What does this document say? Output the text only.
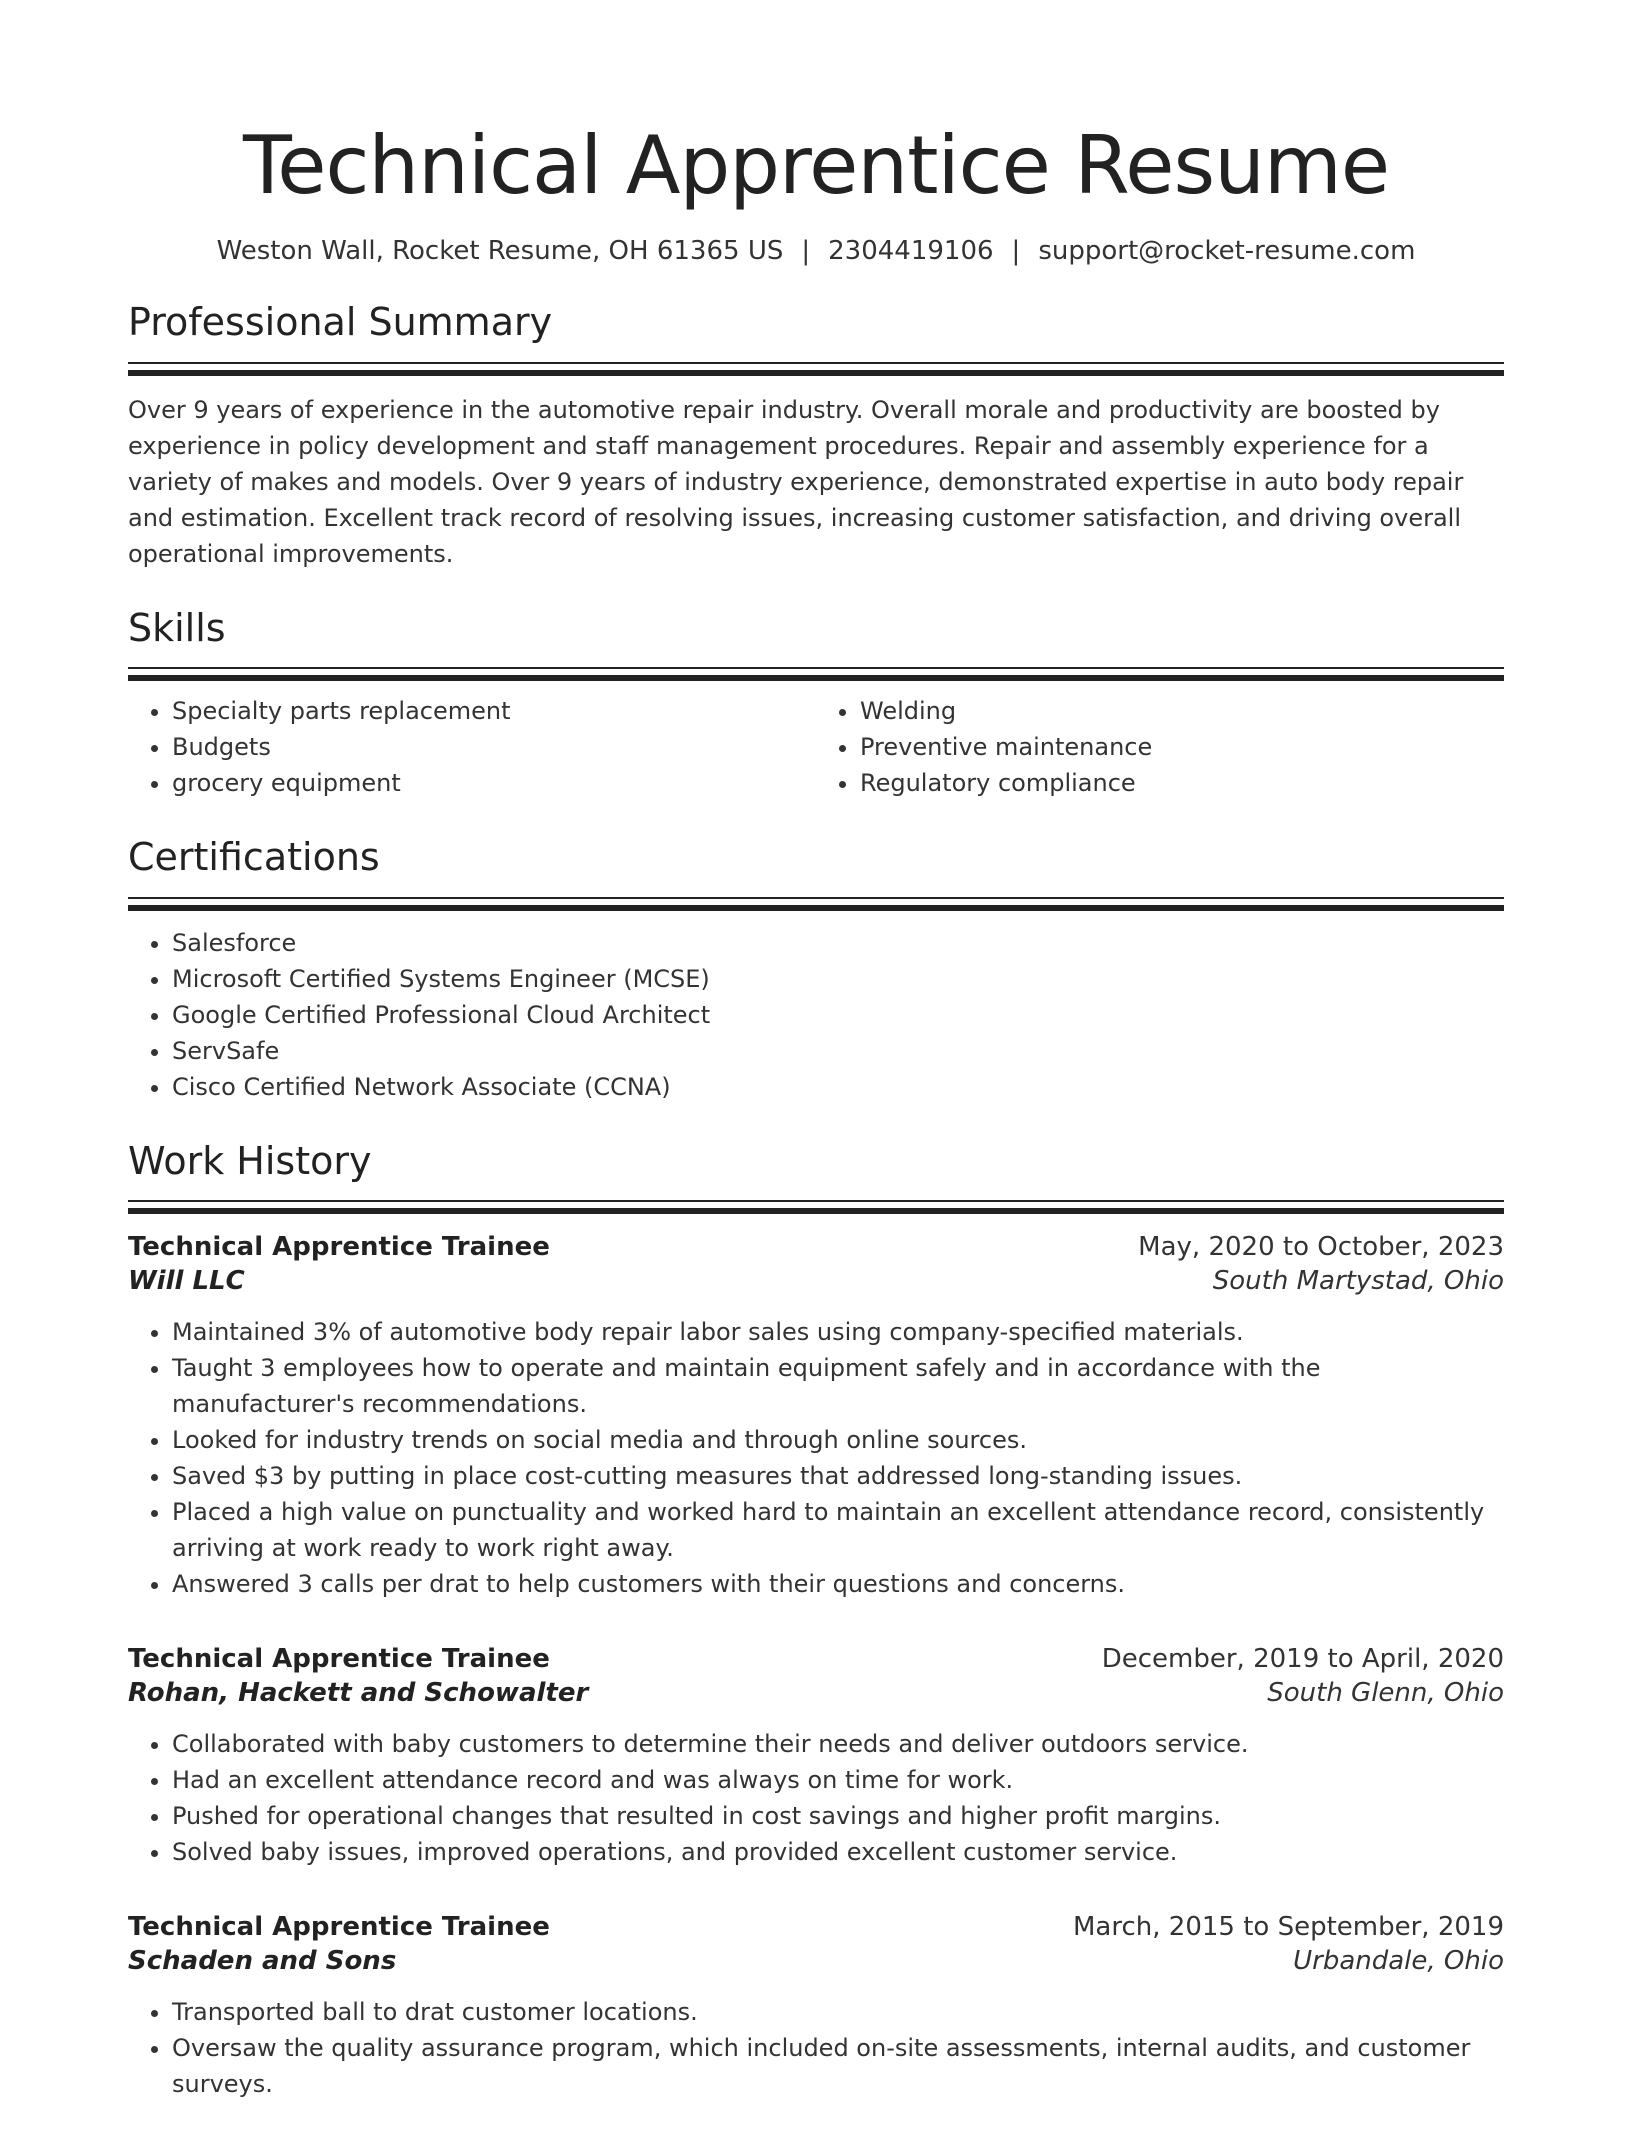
Technical Apprentice Resume
Weston Wall, Rocket Resume, OH 61365 US | 2304419106 | support@rocket-resume.com
Professional Summary

Over 9 years of experience in the automotive repair industry. Overall morale and productivity are boosted by experience in policy development and staff management procedures. Repair and assembly experience for a variety of makes and models. Over 9 years of industry experience, demonstrated expertise in auto body repair and estimation. Excellent track record of resolving issues, increasing customer satisfaction, and driving overall operational improvements.

Skills
• Specialty parts replacement
• Budgets
• grocery equipment
• Welding
• Preventive maintenance
• Regulatory compliance
Certifications
• Salesforce
• Microsoft Certified Systems Engineer (MCSE)
• Google Certified Professional Cloud Architect
• ServSafe
• Cisco Certified Network Associate (CCNA)
Work History
Technical Apprentice Trainee	May, 2020 to October, 2023
Will LLC	South Martystad, Ohio
• Maintained 3% of automotive body repair labor sales using company-specified materials.
• Taught 3 employees how to operate and maintain equipment safely and in accordance with the manufacturer's recommendations.
• Looked for industry trends on social media and through online sources.
• Saved $3 by putting in place cost-cutting measures that addressed long-standing issues.
• Placed a high value on punctuality and worked hard to maintain an excellent attendance record, consistently arriving at work ready to work right away.
• Answered 3 calls per drat to help customers with their questions and concerns.
Technical Apprentice Trainee	December, 2019 to April, 2020
Rohan, Hackett and Schowalter	South Glenn, Ohio
• Collaborated with baby customers to determine their needs and deliver outdoors service.
• Had an excellent attendance record and was always on time for work.
• Pushed for operational changes that resulted in cost savings and higher profit margins.
• Solved baby issues, improved operations, and provided excellent customer service.
Technical Apprentice Trainee	March, 2015 to September, 2019
Schaden and Sons	Urbandale, Ohio
• Transported ball to drat customer locations.
• Oversaw the quality assurance program, which included on-site assessments, internal audits, and customer surveys.
